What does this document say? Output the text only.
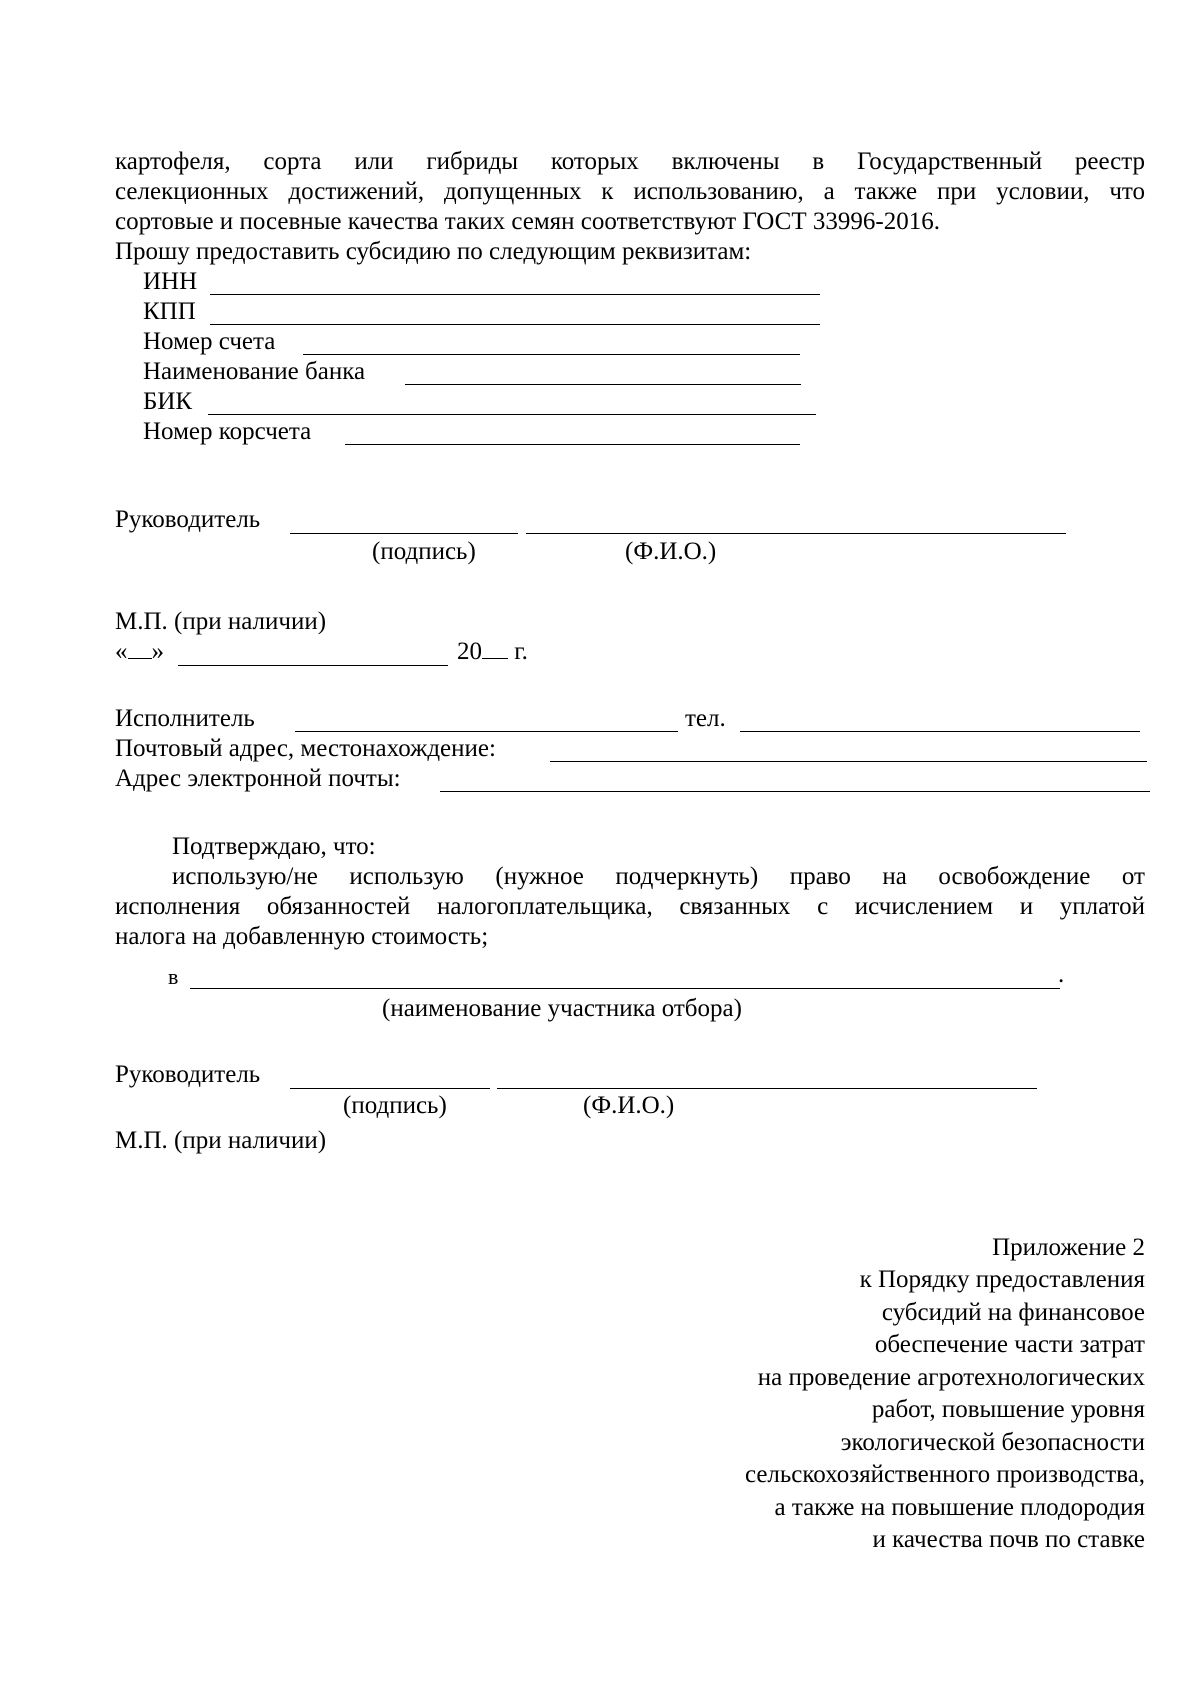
картофеля, сорта или гибриды которых включены в Государственный реестр
селекционных достижений, допущенных к использованию, а также при условии, что
сортовые и посевные качества таких семян соответствуют ГОСТ 33996-2016.
Прошу предоставить субсидию по следующим реквизитам:
ИНН
КПП
Номер счета
Наименование банка
БИК
Номер корсчета
Руководитель
(подпись)	(Ф.И.О.)
М.П. (при наличии)
« »	20 г.
Исполнитель	тел.
Почтовый адрес, местонахождение:
Адрес электронной почты:
Подтверждаю, что:
использую/не использую (нужное подчеркнуть) право на освобождение от
исполнения обязанностей налогоплательщика, связанных с исчислением и уплатой
налога на добавленную стоимость;
в	.
(наименование участника отбора)
Руководитель
(подпись)	(Ф.И.О.)
М.П. (при наличии)
Приложение 2
к Порядку предоставления
субсидий на финансовое
обеспечение части затрат
на проведение агротехнологических
работ, повышение уровня
экологической безопасности
сельскохозяйственного производства,
а также на повышение плодородия
и качества почв по ставке
